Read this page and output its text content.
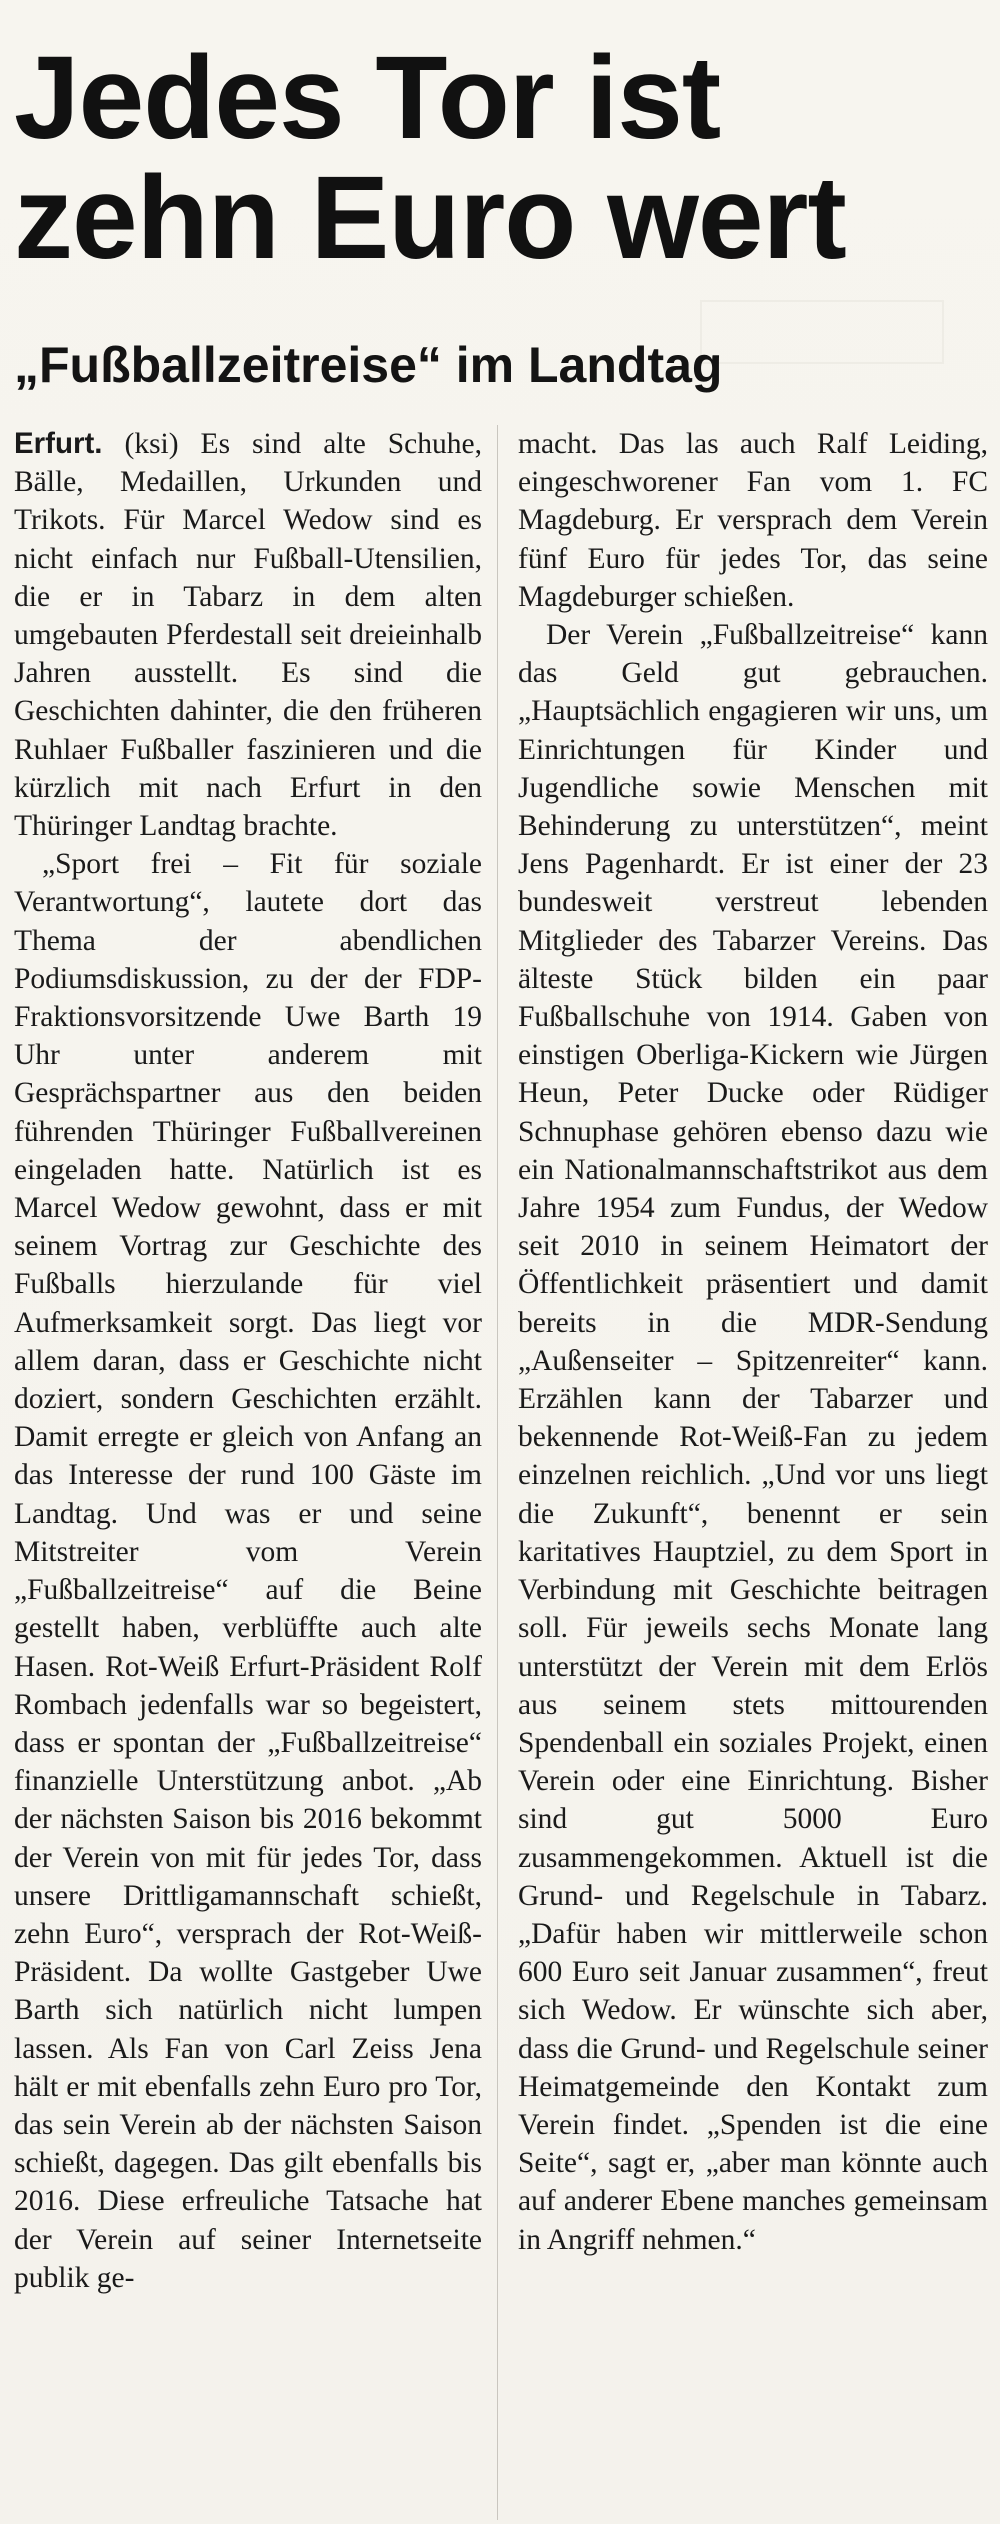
Jedes Tor ist
zehn Euro wert
„Fußballzeitreise“ im Landtag

Erfurt. (ksi) Es sind alte Schuhe, Bälle, Medaillen, Urkunden und Trikots. Für Marcel Wedow sind es nicht einfach nur Fußball-Utensilien, die er in Tabarz in dem alten umgebauten Pferdestall seit dreieinhalb Jahren ausstellt. Es sind die Geschichten dahinter, die den früheren Ruhlaer Fußballer faszinieren und die kürzlich mit nach Erfurt in den Thüringer Landtag brachte.

„Sport frei – Fit für soziale Verantwortung“, lautete dort das Thema der abendlichen Podiumsdiskussion, zu der der FDP-Fraktionsvorsitzende Uwe Barth 19 Uhr unter anderem mit Gesprächspartner aus den beiden führenden Thüringer Fußballvereinen eingeladen hatte. Natürlich ist es Marcel Wedow gewohnt, dass er mit seinem Vortrag zur Geschichte des Fußballs hierzulande für viel Aufmerksamkeit sorgt. Das liegt vor allem daran, dass er Geschichte nicht doziert, sondern Geschichten erzählt. Damit erregte er gleich von Anfang an das Interesse der rund 100 Gäste im Landtag. Und was er und seine Mitstreiter vom Verein „Fußballzeitreise“ auf die Beine gestellt haben, verblüffte auch alte Hasen. Rot-Weiß Erfurt-Präsident Rolf Rombach jedenfalls war so begeistert, dass er spontan der „Fußballzeitreise“ finanzielle Unterstützung anbot. „Ab der nächsten Saison bis 2016 bekommt der Verein von mit für jedes Tor, dass unsere Drittligamannschaft schießt, zehn Euro“, versprach der Rot-Weiß-Präsident. Da wollte Gastgeber Uwe Barth sich natürlich nicht lumpen lassen. Als Fan von Carl Zeiss Jena hält er mit ebenfalls zehn Euro pro Tor, das sein Verein ab der nächsten Saison schießt, dagegen. Das gilt ebenfalls bis 2016. Diese erfreuliche Tatsache hat der Verein auf seiner Internetseite publik ge-

macht. Das las auch Ralf Leiding, eingeschworener Fan vom 1. FC Magdeburg. Er versprach dem Verein fünf Euro für jedes Tor, das seine Magdeburger schießen.

Der Verein „Fußballzeitreise“ kann das Geld gut gebrauchen. „Hauptsächlich engagieren wir uns, um Einrichtungen für Kinder und Jugendliche sowie Menschen mit Behinderung zu unterstützen“, meint Jens Pagenhardt. Er ist einer der 23 bundesweit verstreut lebenden Mitglieder des Tabarzer Vereins. Das älteste Stück bilden ein paar Fußballschuhe von 1914. Gaben von einstigen Oberliga-Kickern wie Jürgen Heun, Peter Ducke oder Rüdiger Schnuphase gehören ebenso dazu wie ein Nationalmannschaftstrikot aus dem Jahre 1954 zum Fundus, der Wedow seit 2010 in seinem Heimatort der Öffentlichkeit präsentiert und damit bereits in die MDR-Sendung „Außenseiter – Spitzenreiter“ kann. Erzählen kann der Tabarzer und bekennende Rot-Weiß-Fan zu jedem einzelnen reichlich. „Und vor uns liegt die Zukunft“, benennt er sein karitatives Hauptziel, zu dem Sport in Verbindung mit Geschichte beitragen soll. Für jeweils sechs Monate lang unterstützt der Verein mit dem Erlös aus seinem stets mittourenden Spendenball ein soziales Projekt, einen Verein oder eine Einrichtung. Bisher sind gut 5000 Euro zusammengekommen. Aktuell ist die Grund- und Regelschule in Tabarz. „Dafür haben wir mittlerweile schon 600 Euro seit Januar zusammen“, freut sich Wedow. Er wünschte sich aber, dass die Grund- und Regelschule seiner Heimatgemeinde den Kontakt zum Verein findet. „Spenden ist die eine Seite“, sagt er, „aber man könnte auch auf anderer Ebene manches gemeinsam in Angriff nehmen.“
